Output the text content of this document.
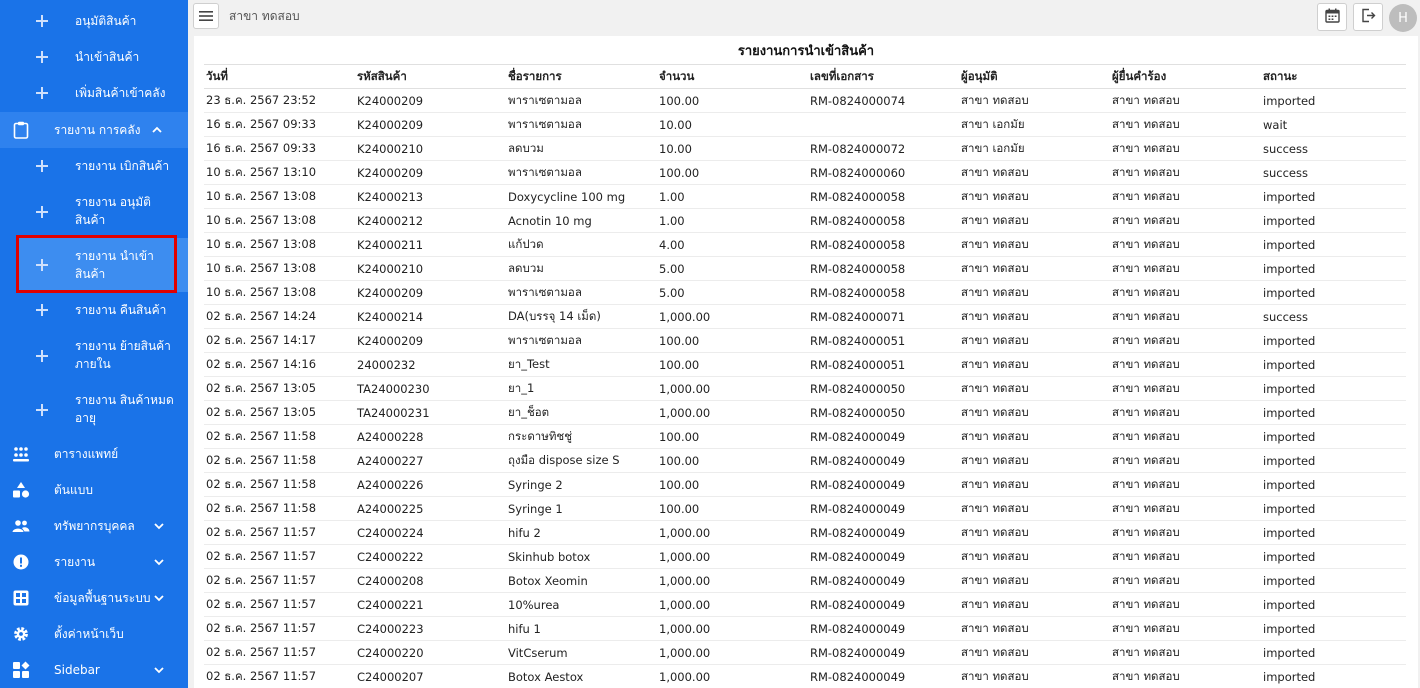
อนุมัติสินค้า
นำเข้าสินค้า
เพิ่มสินค้าเข้าคลัง
รายงาน การคลัง
รายงาน เบิกสินค้า
รายงาน อนุมัติสินค้า
รายงาน นำเข้าสินค้า
รายงาน คืนสินค้า
รายงาน ย้ายสินค้าภายใน
รายงาน สินค้าหมดอายุ
ตารางแพทย์
ต้นแบบ
ทรัพยากรบุคคล
รายงาน
ข้อมูลพื้นฐานระบบ
ตั้งค่าหน้าเว็บ
Sidebar
สาขา ทดสอบ	H
รายงานการนำเข้าสินค้า
วันที่	รหัสสินค้า	ชื่อรายการ	จำนวน	เลขที่เอกสาร	ผู้อนุมัติ	ผู้ยื่นคำร้อง	สถานะ
23 ธ.ค. 2567 23:52	K24000209	พาราเซตามอล	100.00	RM-0824000074	สาขา ทดสอบ	สาขา ทดสอบ	imported
16 ธ.ค. 2567 09:33	K24000209	พาราเซตามอล	10.00		สาขา เอกมัย	สาขา ทดสอบ	wait
16 ธ.ค. 2567 09:33	K24000210	ลดบวม	10.00	RM-0824000072	สาขา เอกมัย	สาขา ทดสอบ	success
10 ธ.ค. 2567 13:10	K24000209	พาราเซตามอล	100.00	RM-0824000060	สาขา ทดสอบ	สาขา ทดสอบ	success
10 ธ.ค. 2567 13:08	K24000213	Doxycycline 100 mg	1.00	RM-0824000058	สาขา ทดสอบ	สาขา ทดสอบ	imported
10 ธ.ค. 2567 13:08	K24000212	Acnotin 10 mg	1.00	RM-0824000058	สาขา ทดสอบ	สาขา ทดสอบ	imported
10 ธ.ค. 2567 13:08	K24000211	แก้ปวด	4.00	RM-0824000058	สาขา ทดสอบ	สาขา ทดสอบ	imported
10 ธ.ค. 2567 13:08	K24000210	ลดบวม	5.00	RM-0824000058	สาขา ทดสอบ	สาขา ทดสอบ	imported
10 ธ.ค. 2567 13:08	K24000209	พาราเซตามอล	5.00	RM-0824000058	สาขา ทดสอบ	สาขา ทดสอบ	imported
02 ธ.ค. 2567 14:24	K24000214	DA(บรรจุ 14 เม็ด)	1,000.00	RM-0824000071	สาขา ทดสอบ	สาขา ทดสอบ	success
02 ธ.ค. 2567 14:17	K24000209	พาราเซตามอล	100.00	RM-0824000051	สาขา ทดสอบ	สาขา ทดสอบ	imported
02 ธ.ค. 2567 14:16	24000232	ยา_Test	100.00	RM-0824000051	สาขา ทดสอบ	สาขา ทดสอบ	imported
02 ธ.ค. 2567 13:05	TA24000230	ยา_1	1,000.00	RM-0824000050	สาขา ทดสอบ	สาขา ทดสอบ	imported
02 ธ.ค. 2567 13:05	TA24000231	ยา_ช็อต	1,000.00	RM-0824000050	สาขา ทดสอบ	สาขา ทดสอบ	imported
02 ธ.ค. 2567 11:58	A24000228	กระดาษทิชชู่	100.00	RM-0824000049	สาขา ทดสอบ	สาขา ทดสอบ	imported
02 ธ.ค. 2567 11:58	A24000227	ถุงมือ dispose size S	100.00	RM-0824000049	สาขา ทดสอบ	สาขา ทดสอบ	imported
02 ธ.ค. 2567 11:58	A24000226	Syringe 2	100.00	RM-0824000049	สาขา ทดสอบ	สาขา ทดสอบ	imported
02 ธ.ค. 2567 11:58	A24000225	Syringe 1	100.00	RM-0824000049	สาขา ทดสอบ	สาขา ทดสอบ	imported
02 ธ.ค. 2567 11:57	C24000224	hifu 2	1,000.00	RM-0824000049	สาขา ทดสอบ	สาขา ทดสอบ	imported
02 ธ.ค. 2567 11:57	C24000222	Skinhub botox	1,000.00	RM-0824000049	สาขา ทดสอบ	สาขา ทดสอบ	imported
02 ธ.ค. 2567 11:57	C24000208	Botox Xeomin	1,000.00	RM-0824000049	สาขา ทดสอบ	สาขา ทดสอบ	imported
02 ธ.ค. 2567 11:57	C24000221	10%urea	1,000.00	RM-0824000049	สาขา ทดสอบ	สาขา ทดสอบ	imported
02 ธ.ค. 2567 11:57	C24000223	hifu 1	1,000.00	RM-0824000049	สาขา ทดสอบ	สาขา ทดสอบ	imported
02 ธ.ค. 2567 11:57	C24000220	VitCserum	1,000.00	RM-0824000049	สาขา ทดสอบ	สาขา ทดสอบ	imported
02 ธ.ค. 2567 11:57	C24000207	Botox Aestox	1,000.00	RM-0824000049	สาขา ทดสอบ	สาขา ทดสอบ	imported
